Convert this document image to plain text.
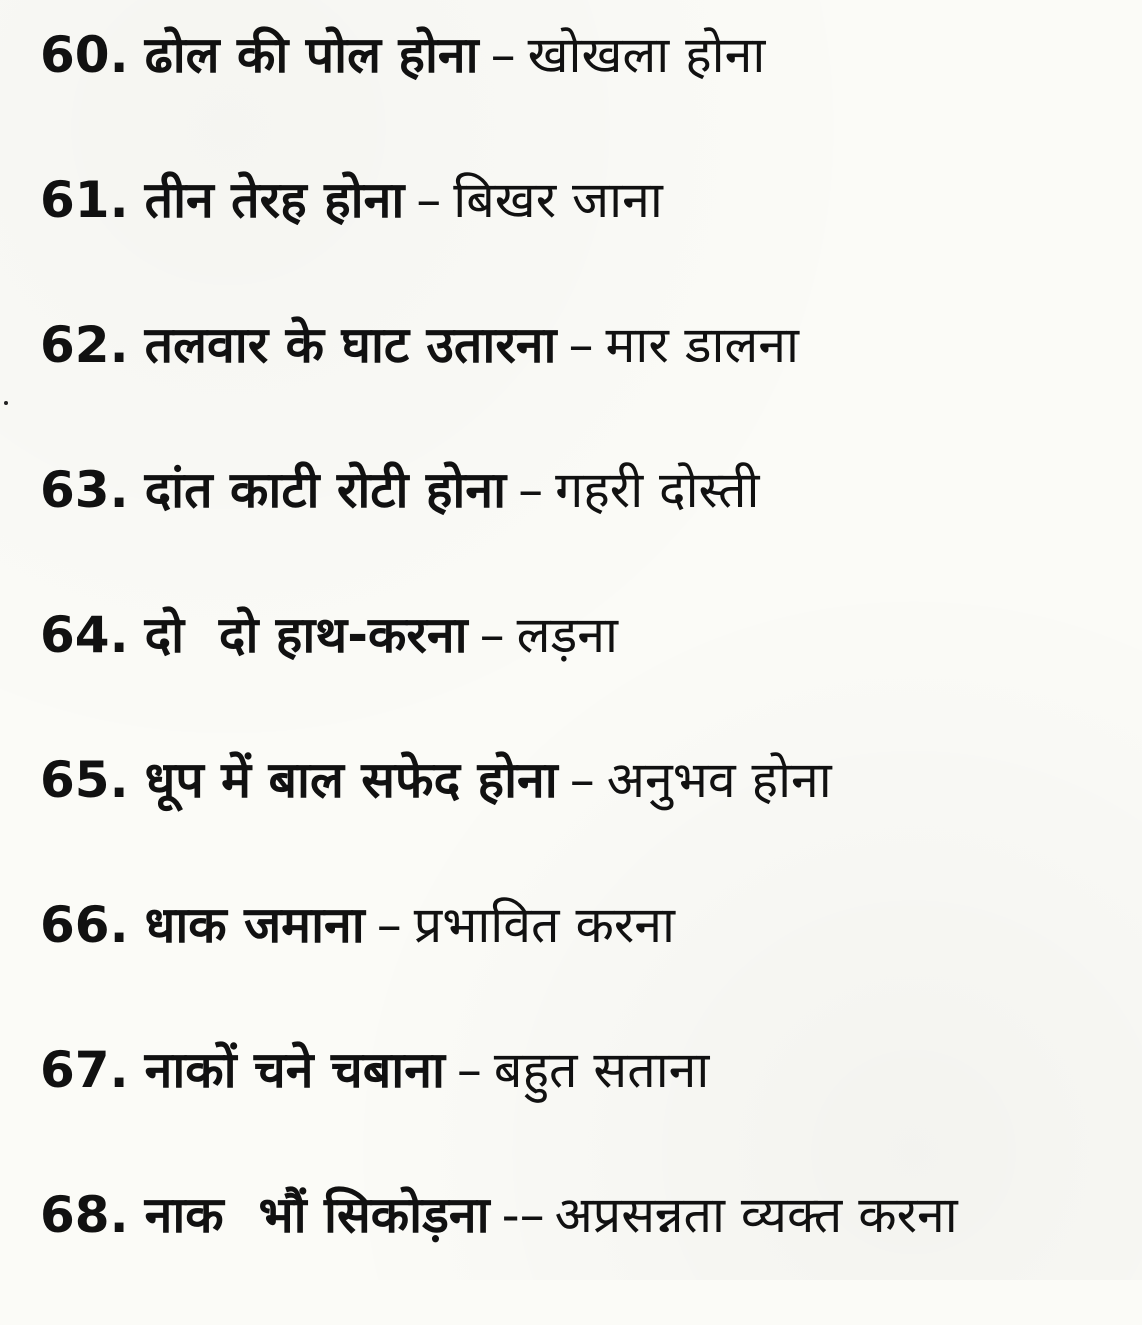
60. ढोल की पोल होना – खोखला होना
61. तीन तेरह होना – बिखर जाना
62. तलवार के घाट उतारना – मार डालना
63. दांत काटी रोटी होना – गहरी दोस्ती
64. दो  दो हाथ-करना – लड़ना
65. धूप में बाल सफेद होना – अनुभव होना
66. धाक जमाना – प्रभावित करना
67. नाकों चने चबाना – बहुत सताना
68. नाक  भौं सिकोड़ना -– अप्रसन्नता व्यक्त करना
